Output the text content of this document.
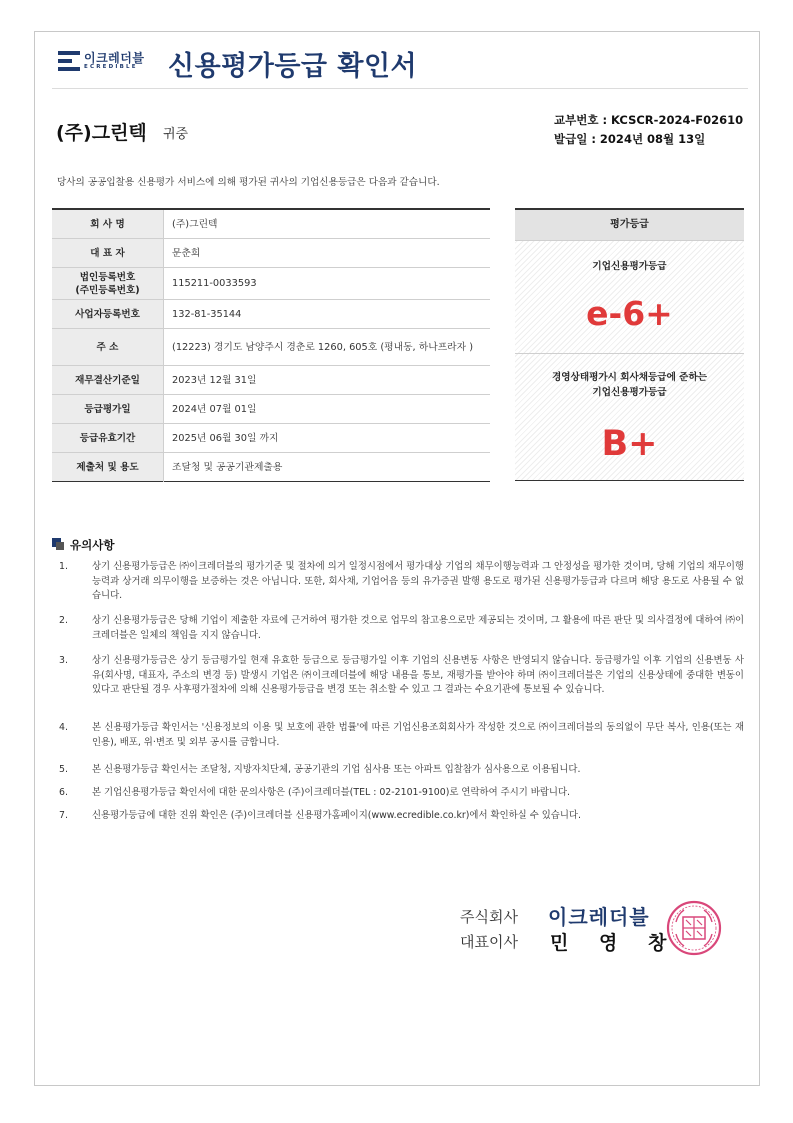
이크레더블
ECREDIBLE 신용평가등급 확인서
(주)그린텍 귀중
교부번호 : KCSCR-2024-F02610
발급일 : 2024년 08월 13일
당사의 공공입찰용 신용평가 서비스에 의해 평가된 귀사의 기업신용등급은 다음과 같습니다.
회 사 명	(주)그린텍
대 표 자	문춘희

법인등록번호
(주민등록번호)	115211-0033593
사업자등록번호	132-81-35144
주 소	(12223) 경기도 남양주시 경춘로 1260, 605호 (평내동, 하나프라자 )
재무결산기준일	2023년 12월 31일
등급평가일	2024년 07월 01일
등급유효기간	2025년 06월 30일 까지
제출처 및 용도	조달청 및 공공기관제출용
평가등급
기업신용평가등급
e-6+
경영상태평가시 회사채등급에 준하는
기업신용평가등급
B+
유의사항
1.	상기 신용평가등급은 ㈜이크레더블의 평가기준 및 절차에 의거 일정시점에서 평가대상 기업의 채무이행능력과 그 안정성을 평가한 것이며, 당해 기업의 채무이행능력과 상거래 의무이행을 보증하는 것은 아닙니다. 또한, 회사채, 기업어음 등의 유가증권 발행 용도로 평가된 신용평가등급과 다르며 해당 용도로 사용될 수 없습니다.
2.	상기 신용평가등급은 당해 기업이 제출한 자료에 근거하여 평가한 것으로 업무의 참고용으로만 제공되는 것이며, 그 활용에 따른 판단 및 의사결정에 대하여 ㈜이크레더블은 일체의 책임을 지지 않습니다.
3.	상기 신용평가등급은 상기 등급평가일 현재 유효한 등급으로 등급평가일 이후 기업의 신용변동 사항은 반영되지 않습니다. 등급평가일 이후 기업의 신용변동 사유(회사명, 대표자, 주소의 변경 등) 발생시 기업은 ㈜이크레더블에 해당 내용을 통보, 재평가를 받아야 하며 ㈜이크레더블은 기업의 신용상태에 중대한 변동이 있다고 판단될 경우 사후평가절차에 의해 신용평가등급을 변경 또는 취소할 수 있고 그 결과는 수요기관에 통보될 수 있습니다.
4.	본 신용평가등급 확인서는 '신용정보의 이용 및 보호에 관한 법률'에 따른 기업신용조회회사가 작성한 것으로 ㈜이크레더블의 동의없이 무단 복사, 인용(또는 재인용), 배포, 위·변조 및 외부 공시를 금합니다.
5.	본 신용평가등급 확인서는 조달청, 지방자치단체, 공공기관의 기업 심사용 또는 아파트 입찰참가 심사용으로 이용됩니다.
6.	본 기업신용평가등급 확인서에 대한 문의사항은 (주)이크레더블(TEL : 02-2101-9100)로 연락하여 주시기 바랍니다.
7.	신용평가등급에 대한 진위 확인은 (주)이크레더블 신용평가홈페이지(www.ecredible.co.kr)에서 확인하실 수 있습니다.
주식회사
대표이사
이크레더블
민 영 창
